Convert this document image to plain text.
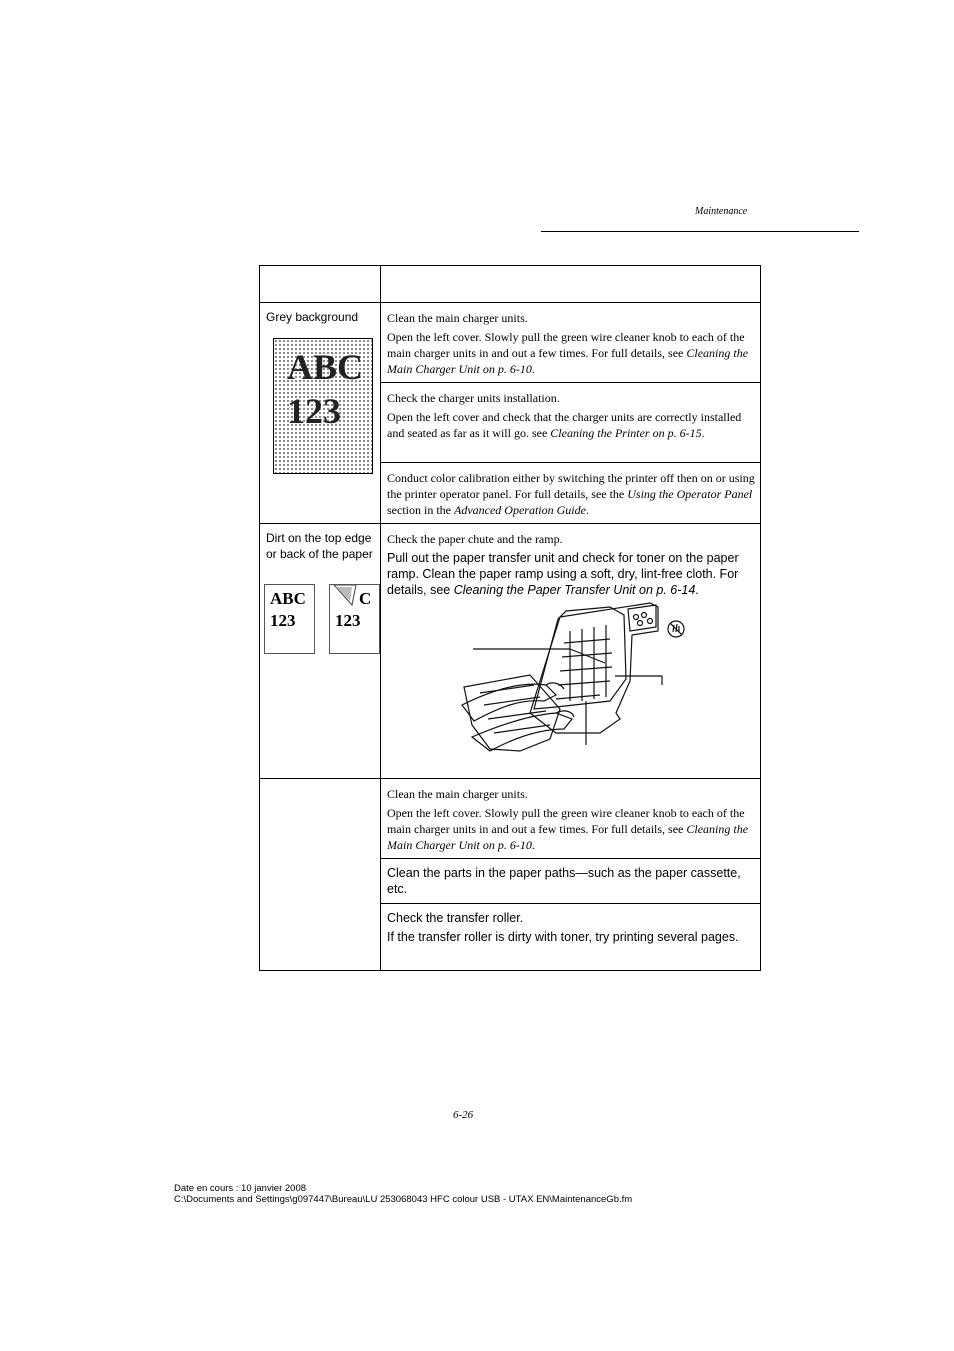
Maintenance
Grey background
ABC
123

Clean the main charger units.

Open the left cover. Slowly pull the green wire cleaner knob to each of the main charger units in and out a few times. For full details, see Cleaning the Main Charger Unit on p. 6-10.

Check the charger units installation.

Open the left cover and check that the charger units are correctly installed and seated as far as it will go. see Cleaning the Printer on p. 6-15.

Conduct color calibration either by switching the printer off then on or using the printer operator panel. For full details, see the Using the Operator Panel section in the Advanced Operation Guide.

Dirt on the top edge or back of the paper
ABC
123
C
123

Check the paper chute and the ramp.

Pull out the paper transfer unit and check for toner on the paper ramp. Clean the paper ramp using a soft, dry, lint-free cloth. For details, see Cleaning the Paper Transfer Unit on p. 6-14.

Clean the main charger units.

Open the left cover. Slowly pull the green wire cleaner knob to each of the main charger units in and out a few times. For full details, see Cleaning the Main Charger Unit on p. 6-10.

Clean the parts in the paper paths—such as the paper cassette, etc.

Check the transfer roller.

If the transfer roller is dirty with toner, try printing several pages.

6-26
Date en cours : 10 janvier 2008
C:\Documents and Settings\g097447\Bureau\LU 253068043 HFC colour USB - UTAX EN\MaintenanceGb.fm
